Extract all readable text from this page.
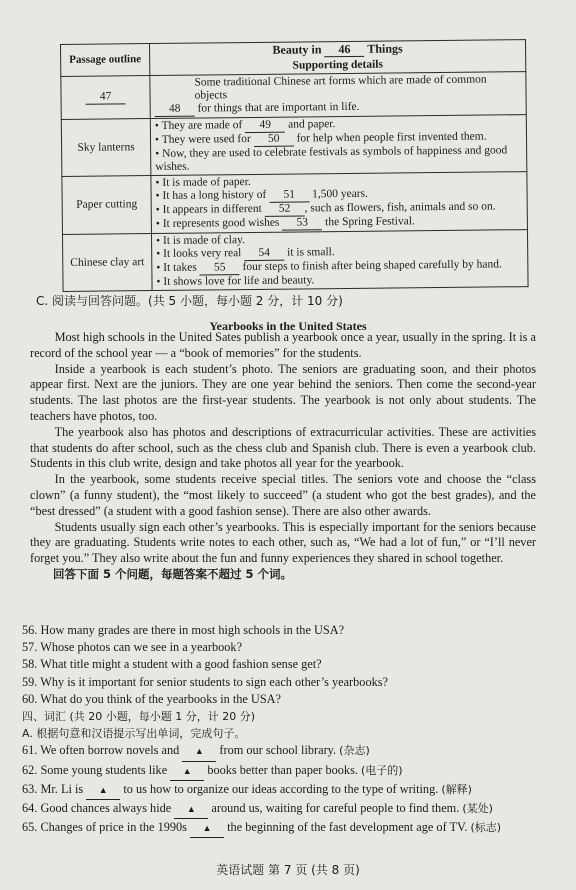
Passage outline	Beauty in 46 Things
Supporting details

47	Some traditional Chinese art forms which are made of common objects
48 for things that are important in life.

Sky lanterns	• They are made of 49 and paper.
• They were used for 50 for help when people first invented them.
• Now, they are used to celebrate festivals as symbols of happiness and good wishes.

Paper cutting	• It is made of paper.
• It has a long history of 51 1,500 years.
• It appears in different 52 , such as flowers, fish, animals and so on.
• It represents good wishes 53 the Spring Festival.

Chinese clay art	• It is made of clay.
• It looks very real 54 it is small.
• It takes 55 four steps to finish after being shaped carefully by hand.
• It shows love for life and beauty.
C. 阅读与回答问题。(共 5 小题，每小题 2 分，计 10 分)
Yearbooks in the United States

Most high schools in the United Sates publish a yearbook once a year, usually in the spring. It is a record of the school year — a “book of memories” for the students.

Inside a yearbook is each student’s photo. The seniors are graduating soon, and their photos appear first. Next are the juniors. They are one year behind the seniors. Then come the second-year students. The last photos are the first-year students. The yearbook is not only about students. The teachers have photos, too.

The yearbook also has photos and descriptions of extracurricular activities. These are activities that students do after school, such as the chess club and Spanish club. There is even a yearbook club. Students in this club write, design and take photos all year for the yearbook.

In the yearbook, some students receive special titles. The seniors vote and choose the “class clown” (a funny student), the “most likely to succeed” (a student who got the best grades), and the “best dressed” (a student with a good fashion sense). There are also other awards.

Students usually sign each other’s yearbooks. This is especially important for the seniors because they are graduating. Students write notes to each other, such as, “We had a lot of fun,” or “I’ll never forget you.” They also write about the fun and funny experiences they shared in school together.

回答下面 5 个问题，每题答案不超过 5 个词。

56. How many grades are there in most high schools in the USA?
57. Whose photos can we see in a yearbook?
58. What title might a student with a good fashion sense get?
59. Why is it important for senior students to sign each other’s yearbooks?
60. What do you think of the yearbooks in the USA?
四、词汇 (共 20 小题，每小题 1 分，计 20 分)
A. 根据句意和汉语提示写出单词，完成句子。
61. We often borrow novels and ▲ from our school library. (杂志)
62. Some young students like ▲ books better than paper books. (电子的)
63. Mr. Li is ▲ to us how to organize our ideas according to the type of writing. (解释)
64. Good chances always hide ▲ around us, waiting for careful people to find them. (某处)
65. Changes of price in the 1990s ▲ the beginning of the fast development age of TV. (标志)
英语试题 第 7 页 (共 8 页)
